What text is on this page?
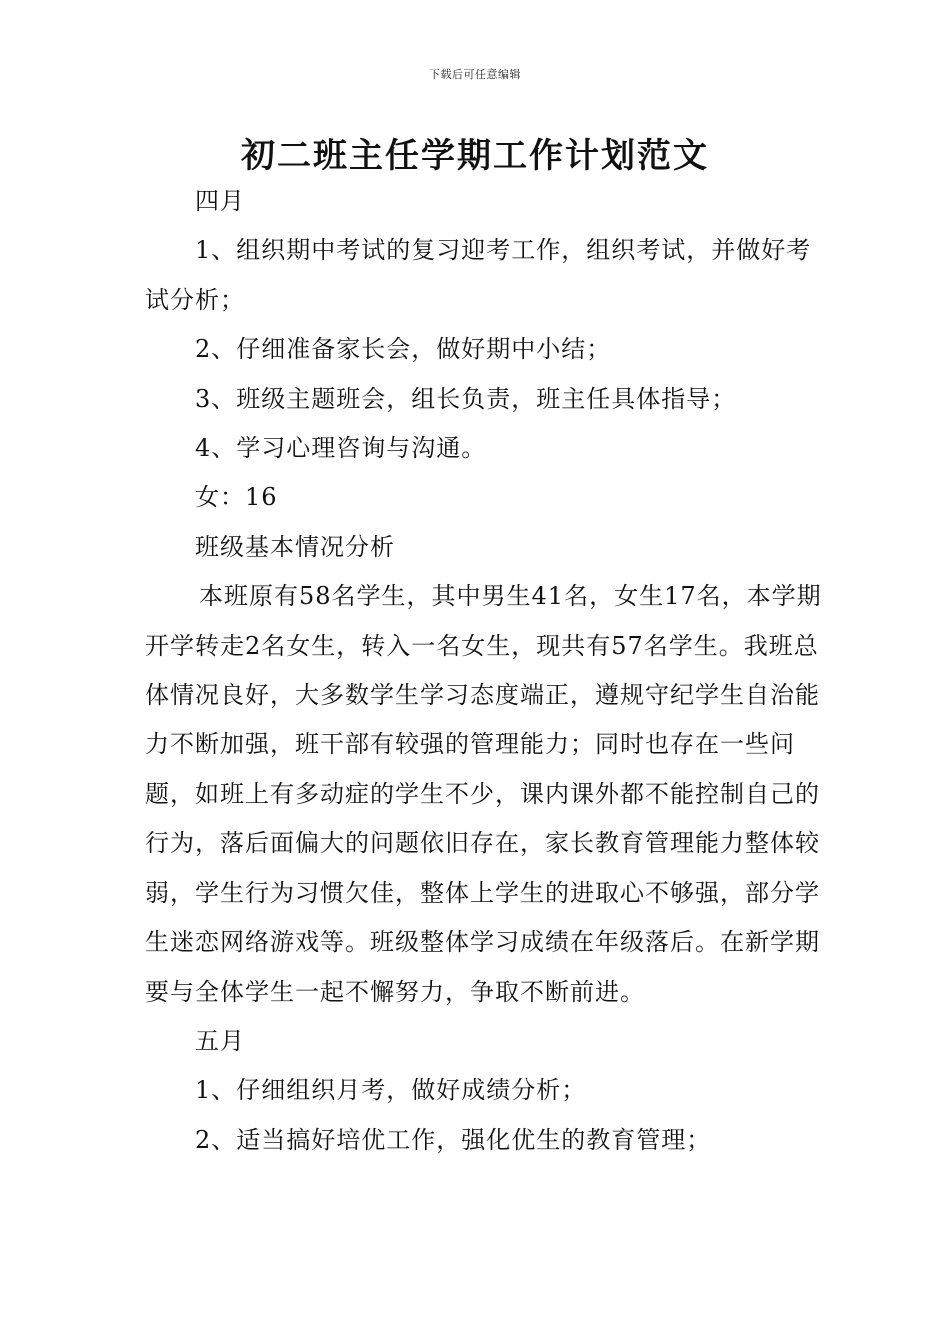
下载后可任意编辑
初二班主任学期工作计划范文

四月

1、组织期中考试的复习迎考工作，组织考试，并做好考试分析；

2、仔细准备家长会，做好期中小结；

3、班级主题班会，组长负责，班主任具体指导；

4、学习心理咨询与沟通。

女：16

班级基本情况分析

本班原有58名学生，其中男生41名，女生17名，本学期开学转走2名女生，转入一名女生，现共有57名学生。我班总体情况良好，大多数学生学习态度端正，遵规守纪学生自治能力不断加强，班干部有较强的管理能力；同时也存在一些问题，如班上有多动症的学生不少，课内课外都不能控制自己的行为，落后面偏大的问题依旧存在，家长教育管理能力整体较弱，学生行为习惯欠佳，整体上学生的进取心不够强，部分学生迷恋网络游戏等。班级整体学习成绩在年级落后。在新学期要与全体学生一起不懈努力，争取不断前进。

五月

1、仔细组织月考，做好成绩分析；

2、适当搞好培优工作，强化优生的教育管理；
